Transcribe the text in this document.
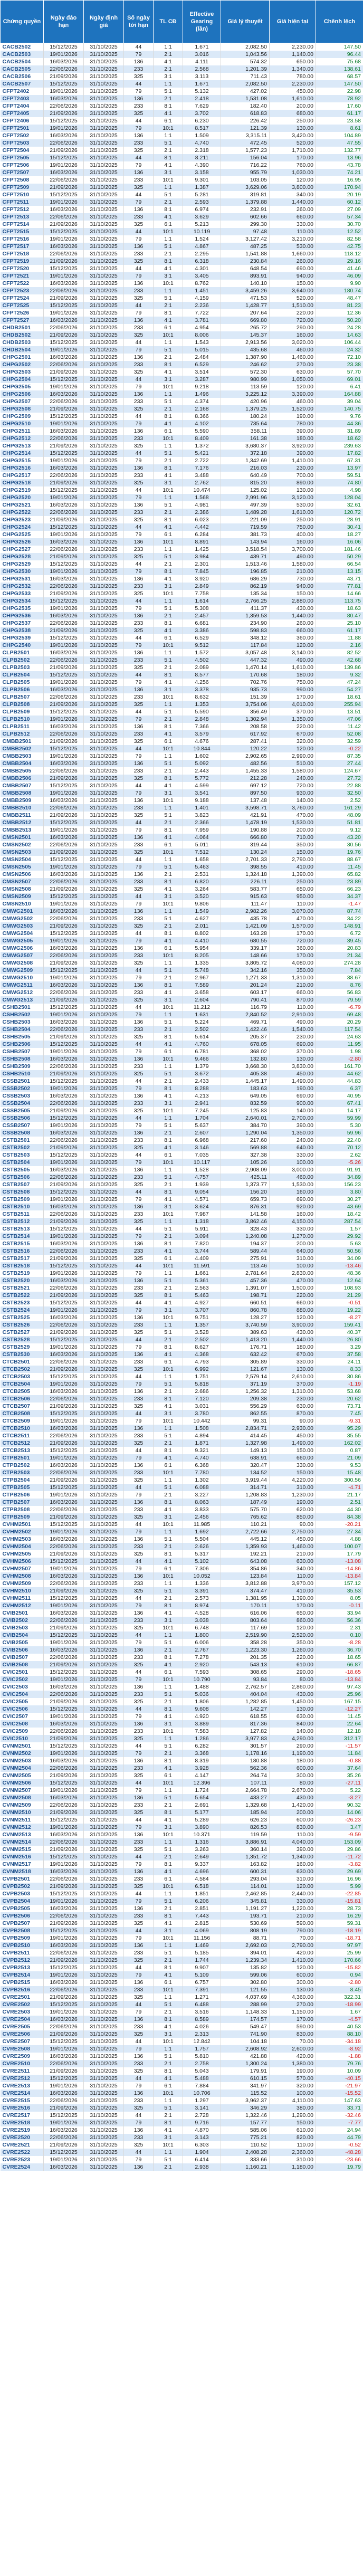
Chứng quyền	Ngày đáo hạn	Ngày định giá	Số ngày tới hạn	TL CĐ	Effective Gearing (lần)	Giá lý thuyết	Giá hiện tại	Chênh lệch
CACB2502	15/12/2025	31/10/2025	44	1:1	1.671	2,082.50	2,230.00	147.50
CACB2503	19/01/2026	31/10/2025	79	2:1	3.016	1,043.56	1,140.00	96.44
CACB2504	16/03/2026	31/10/2025	136	4:1	4.111	574.32	650.00	75.68
CACB2505	22/06/2026	31/10/2025	233	2:1	2.568	1,201.39	1,340.00	138.61
CACB2506	21/09/2026	31/10/2025	325	3:1	3.113	711.43	780.00	68.57
CACB2507	15/12/2025	31/10/2025	44	1:1	1.671	2,082.50	2,230.00	147.50
CFPT2402	19/01/2026	31/10/2025	79	5:1	5.132	427.02	450.00	22.98
CFPT2403	16/03/2026	31/10/2025	136	2:1	2.418	1,531.08	1,610.00	78.92
CFPT2404	22/06/2026	31/10/2025	233	8:1	7.629	182.40	200.00	17.60
CFPT2405	21/09/2026	31/10/2025	325	4:1	3.702	618.83	680.00	61.17
CFPT2406	15/12/2025	31/10/2025	44	6:1	6.230	226.42	250.00	23.58
CFPT2501	19/01/2026	31/10/2025	79	10:1	8.517	121.39	130.00	8.61
CFPT2502	16/03/2026	31/10/2025	136	1:1	1.509	3,315.11	3,420.00	104.89
CFPT2503	22/06/2026	31/10/2025	233	5:1	4.740	472.45	520.00	47.55
CFPT2504	21/09/2026	31/10/2025	325	2:1	2.318	1,577.23	1,710.00	132.77
CFPT2505	15/12/2025	31/10/2025	44	8:1	8.211	156.04	170.00	13.96
CFPT2506	19/01/2026	31/10/2025	79	4:1	4.390	716.22	760.00	43.78
CFPT2507	16/03/2026	31/10/2025	136	3:1	3.158	955.79	1,030.00	74.21
CFPT2508	22/06/2026	31/10/2025	233	10:1	9.301	103.05	120.00	16.95
CFPT2509	21/09/2026	31/10/2025	325	1:1	1.387	3,629.06	3,800.00	170.94
CFPT2510	15/12/2025	31/10/2025	44	5:1	5.281	319.81	340.00	20.19
CFPT2511	19/01/2026	31/10/2025	79	2:1	2.593	1,379.88	1,440.00	60.12
CFPT2512	16/03/2026	31/10/2025	136	8:1	6.974	232.91	260.00	27.09
CFPT2513	22/06/2026	31/10/2025	233	4:1	3.629	602.66	660.00	57.34
CFPT2514	21/09/2026	31/10/2025	325	6:1	5.213	299.30	330.00	30.70
CFPT2515	15/12/2025	31/10/2025	44	10:1	10.119	97.48	110.00	12.52
CFPT2516	19/01/2026	31/10/2025	79	1:1	1.524	3,127.42	3,210.00	82.58
CFPT2517	16/03/2026	31/10/2025	136	5:1	4.867	487.25	530.00	42.75
CFPT2518	22/06/2026	31/10/2025	233	2:1	2.295	1,541.88	1,660.00	118.12
CFPT2519	21/09/2026	31/10/2025	325	8:1	6.318	230.84	260.00	29.16
CFPT2520	15/12/2025	31/10/2025	44	4:1	4.301	648.54	690.00	41.46
CFPT2521	19/01/2026	31/10/2025	79	3:1	3.405	893.91	940.00	46.09
CFPT2522	16/03/2026	31/10/2025	136	10:1	8.762	140.10	150.00	9.90
CFPT2523	22/06/2026	31/10/2025	233	1:1	1.451	3,459.26	3,640.00	180.74
CFPT2524	21/09/2026	31/10/2025	325	5:1	4.159	471.53	520.00	48.47
CFPT2525	15/12/2025	31/10/2025	44	2:1	2.236	1,428.77	1,510.00	81.23
CFPT2526	19/01/2026	31/10/2025	79	8:1	7.722	207.64	220.00	12.36
CFPT2527	16/03/2026	31/10/2025	136	4:1	3.781	669.80	720.00	50.20
CHDB2501	22/06/2026	31/10/2025	233	6:1	4.954	265.72	290.00	24.28
CHDB2502	21/09/2026	31/10/2025	325	10:1	8.006	145.37	160.00	14.63
CHDB2503	15/12/2025	31/10/2025	44	1:1	1.543	2,913.56	3,020.00	106.44
CHDB2504	19/01/2026	31/10/2025	79	5:1	5.015	435.68	460.00	24.32
CHPG2501	16/03/2026	31/10/2025	136	2:1	2.484	1,387.90	1,460.00	72.10
CHPG2502	22/06/2026	31/10/2025	233	8:1	6.529	246.62	270.00	23.38
CHPG2503	21/09/2026	31/10/2025	325	4:1	3.514	572.30	630.00	57.70
CHPG2504	15/12/2025	31/10/2025	44	3:1	3.287	980.99	1,050.00	69.01
CHPG2505	19/01/2026	31/10/2025	79	10:1	9.218	113.59	120.00	6.41
CHPG2506	16/03/2026	31/10/2025	136	1:1	1.496	3,225.12	3,390.00	164.88
CHPG2507	22/06/2026	31/10/2025	233	5:1	4.374	420.96	460.00	39.04
CHPG2508	21/09/2026	31/10/2025	325	2:1	2.168	1,379.25	1,520.00	140.75
CHPG2509	15/12/2025	31/10/2025	44	8:1	8.366	180.24	190.00	9.76
CHPG2510	19/01/2026	31/10/2025	79	4:1	4.102	735.64	780.00	44.36
CHPG2511	16/03/2026	31/10/2025	136	6:1	5.590	358.11	390.00	31.89
CHPG2512	22/06/2026	31/10/2025	233	10:1	8.409	161.38	180.00	18.62
CHPG2513	21/09/2026	31/10/2025	325	1:1	1.372	3,680.37	3,920.00	239.63
CHPG2514	15/12/2025	31/10/2025	44	5:1	5.421	372.18	390.00	17.82
CHPG2515	19/01/2026	31/10/2025	79	2:1	2.722	1,342.69	1,410.00	67.31
CHPG2516	16/03/2026	31/10/2025	136	8:1	7.176	216.03	230.00	13.97
CHPG2517	22/06/2026	31/10/2025	233	4:1	3.488	640.49	700.00	59.51
CHPG2518	21/09/2026	31/10/2025	325	3:1	2.762	815.20	890.00	74.80
CHPG2519	15/12/2025	31/10/2025	44	10:1	10.474	125.02	130.00	4.98
CHPG2520	19/01/2026	31/10/2025	79	1:1	1.568	2,991.96	3,120.00	128.04
CHPG2521	16/03/2026	31/10/2025	136	5:1	4.981	497.39	530.00	32.61
CHPG2522	22/06/2026	31/10/2025	233	2:1	2.386	1,489.28	1,610.00	120.72
CHPG2523	21/09/2026	31/10/2025	325	8:1	6.023	221.09	250.00	28.91
CHPG2524	15/12/2025	31/10/2025	44	4:1	4.442	719.59	750.00	30.41
CHPG2525	19/01/2026	31/10/2025	79	6:1	6.284	381.73	400.00	18.27
CHPG2526	16/03/2026	31/10/2025	136	10:1	8.891	143.94	160.00	16.06
CHPG2527	22/06/2026	31/10/2025	233	1:1	1.425	3,518.54	3,700.00	181.46
CHPG2528	21/09/2026	31/10/2025	325	5:1	3.984	439.71	490.00	50.29
CHPG2529	15/12/2025	31/10/2025	44	2:1	2.301	1,513.46	1,580.00	66.54
CHPG2530	19/01/2026	31/10/2025	79	8:1	7.845	196.85	210.00	13.15
CHPG2531	16/03/2026	31/10/2025	136	4:1	3.920	686.29	730.00	43.71
CHPG2532	22/06/2026	31/10/2025	233	3:1	2.849	862.19	940.00	77.81
CHPG2533	21/09/2026	31/10/2025	325	10:1	7.758	135.34	150.00	14.66
CHPG2534	15/12/2025	31/10/2025	44	1:1	1.614	2,766.25	2,880.00	113.75
CHPG2535	19/01/2026	31/10/2025	79	5:1	5.308	411.37	430.00	18.63
CHPG2536	16/03/2026	31/10/2025	136	2:1	2.457	1,359.53	1,440.00	80.47
CHPG2537	22/06/2026	31/10/2025	233	8:1	6.681	234.90	260.00	25.10
CHPG2538	21/09/2026	31/10/2025	325	4:1	3.386	598.83	660.00	61.17
CHPG2539	15/12/2025	31/10/2025	44	6:1	6.529	348.12	360.00	11.88
CHPG2540	19/01/2026	31/10/2025	79	10:1	9.512	117.84	120.00	2.16
CLPB2501	16/03/2026	31/10/2025	136	1:1	1.572	3,057.48	3,140.00	82.52
CLPB2502	22/06/2026	31/10/2025	233	5:1	4.502	447.32	490.00	42.68
CLPB2503	21/09/2026	31/10/2025	325	2:1	2.089	1,470.14	1,610.00	139.86
CLPB2504	15/12/2025	31/10/2025	44	8:1	8.577	170.68	180.00	9.32
CLPB2505	19/01/2026	31/10/2025	79	4:1	4.256	702.76	750.00	47.24
CLPB2506	16/03/2026	31/10/2025	136	3:1	3.378	935.73	990.00	54.27
CLPB2507	22/06/2026	31/10/2025	233	10:1	8.632	151.39	170.00	18.61
CLPB2508	21/09/2026	31/10/2025	325	1:1	1.353	3,754.06	4,010.00	255.94
CLPB2509	15/12/2025	31/10/2025	44	5:1	5.590	356.49	370.00	13.51
CLPB2510	19/01/2026	31/10/2025	79	2:1	2.848	1,302.94	1,350.00	47.06
CLPB2511	16/03/2026	31/10/2025	136	8:1	7.366	208.58	220.00	11.42
CLPB2512	22/06/2026	31/10/2025	233	4:1	3.579	617.92	670.00	52.08
CMBB2501	21/09/2026	31/10/2025	325	6:1	4.676	287.41	320.00	32.59
CMBB2502	15/12/2025	31/10/2025	44	10:1	10.844	120.22	120.00	-0.22
CMBB2503	19/01/2026	31/10/2025	79	1:1	1.602	2,902.65	2,990.00	87.35
CMBB2504	16/03/2026	31/10/2025	136	5:1	5.092	482.56	510.00	27.44
CMBB2505	22/06/2026	31/10/2025	233	2:1	2.443	1,455.33	1,580.00	124.67
CMBB2506	21/09/2026	31/10/2025	325	8:1	5.772	212.28	240.00	27.72
CMBB2507	15/12/2025	31/10/2025	44	4:1	4.599	697.12	720.00	22.88
CMBB2508	19/01/2026	31/10/2025	79	3:1	3.541	897.50	930.00	32.50
CMBB2509	16/03/2026	31/10/2025	136	10:1	9.188	137.48	140.00	2.52
CMBB2510	22/06/2026	31/10/2025	233	1:1	1.401	3,598.71	3,760.00	161.29
CMBB2511	21/09/2026	31/10/2025	325	5:1	3.823	421.91	470.00	48.09
CMBB2512	15/12/2025	31/10/2025	44	2:1	2.366	1,478.19	1,530.00	51.81
CMBB2513	19/01/2026	31/10/2025	79	8:1	7.959	190.88	200.00	9.12
CMSN2501	16/03/2026	31/10/2025	136	4:1	4.064	666.80	710.00	43.20
CMSN2502	22/06/2026	31/10/2025	233	6:1	5.011	319.44	350.00	30.56
CMSN2503	21/09/2026	31/10/2025	325	10:1	7.512	130.24	150.00	19.76
CMSN2504	15/12/2025	31/10/2025	44	1:1	1.658	2,701.33	2,790.00	88.67
CMSN2505	19/01/2026	31/10/2025	79	5:1	5.463	398.55	410.00	11.45
CMSN2506	16/03/2026	31/10/2025	136	2:1	2.531	1,324.18	1,390.00	65.82
CMSN2507	22/06/2026	31/10/2025	233	8:1	6.820	226.11	250.00	23.89
CMSN2508	21/09/2026	31/10/2025	325	4:1	3.264	583.77	650.00	66.23
CMSN2509	15/12/2025	31/10/2025	44	3:1	3.520	915.63	950.00	34.37
CMSN2510	19/01/2026	31/10/2025	79	10:1	9.806	111.47	110.00	-1.47
CMWG2501	16/03/2026	31/10/2025	136	1:1	1.549	2,982.26	3,070.00	87.74
CMWG2502	22/06/2026	31/10/2025	233	5:1	4.627	435.78	470.00	34.22
CMWG2503	21/09/2026	31/10/2025	325	2:1	2.011	1,421.09	1,570.00	148.91
CMWG2504	15/12/2025	31/10/2025	44	8:1	8.802	163.28	170.00	6.72
CMWG2505	19/01/2026	31/10/2025	79	4:1	4.410	680.55	720.00	39.45
CMWG2506	16/03/2026	31/10/2025	136	6:1	5.954	339.17	360.00	20.83
CMWG2507	22/06/2026	31/10/2025	233	10:1	8.205	148.66	170.00	21.34
CMWG2508	21/09/2026	31/10/2025	325	1:1	1.335	3,805.72	4,080.00	274.28
CMWG2509	15/12/2025	31/10/2025	44	5:1	5.748	342.16	350.00	7.84
CMWG2510	19/01/2026	31/10/2025	79	2:1	2.967	1,271.33	1,310.00	38.67
CMWG2511	16/03/2026	31/10/2025	136	8:1	7.589	201.24	210.00	8.76
CMWG2512	22/06/2026	31/10/2025	233	4:1	3.658	603.17	660.00	56.83
CMWG2513	21/09/2026	31/10/2025	325	3:1	2.604	790.41	870.00	79.59
CSHB2501	15/12/2025	31/10/2025	44	10:1	11.212	116.79	110.00	-6.79
CSHB2502	19/01/2026	31/10/2025	79	1:1	1.631	2,840.52	2,910.00	69.48
CSHB2503	16/03/2026	31/10/2025	136	5:1	5.224	469.71	490.00	20.29
CSHB2504	22/06/2026	31/10/2025	233	2:1	2.502	1,422.46	1,540.00	117.54
CSHB2505	21/09/2026	31/10/2025	325	8:1	5.614	205.37	230.00	24.63
CSHB2506	15/12/2025	31/10/2025	44	4:1	4.760	678.05	690.00	11.95
CSHB2507	19/01/2026	31/10/2025	79	6:1	6.781	368.02	370.00	1.98
CSHB2508	16/03/2026	31/10/2025	136	10:1	9.466	132.80	130.00	-2.80
CSHB2509	22/06/2026	31/10/2025	233	1:1	1.379	3,668.30	3,830.00	161.70
CSHB2510	21/09/2026	31/10/2025	325	5:1	3.672	405.38	450.00	44.62
CSSB2501	15/12/2025	31/10/2025	44	2:1	2.433	1,445.17	1,490.00	44.83
CSSB2502	19/01/2026	31/10/2025	79	8:1	8.288	183.63	190.00	6.37
CSSB2503	16/03/2026	31/10/2025	136	4:1	4.213	649.05	690.00	40.95
CSSB2504	22/06/2026	31/10/2025	233	3:1	2.941	832.59	900.00	67.41
CSSB2505	21/09/2026	31/10/2025	325	10:1	7.245	125.83	140.00	14.17
CSSB2506	15/12/2025	31/10/2025	44	1:1	1.704	2,640.01	2,700.00	59.99
CSSB2507	19/01/2026	31/10/2025	79	5:1	5.637	384.70	390.00	5.30
CSSB2508	16/03/2026	31/10/2025	136	2:1	2.607	1,290.04	1,350.00	59.96
CSTB2501	22/06/2026	31/10/2025	233	8:1	6.968	217.60	240.00	22.40
CSTB2502	21/09/2026	31/10/2025	325	4:1	3.146	569.88	640.00	70.12
CSTB2503	15/12/2025	31/10/2025	44	6:1	7.035	327.38	330.00	2.62
CSTB2504	19/01/2026	31/10/2025	79	10:1	10.117	105.26	100.00	-5.26
CSTB2505	16/03/2026	31/10/2025	136	1:1	1.528	2,908.09	3,000.00	91.91
CSTB2506	22/06/2026	31/10/2025	233	5:1	4.757	425.11	460.00	34.89
CSTB2507	21/09/2026	31/10/2025	325	2:1	1.939	1,373.77	1,530.00	156.23
CSTB2508	15/12/2025	31/10/2025	44	8:1	9.054	156.20	160.00	3.80
CSTB2509	19/01/2026	31/10/2025	79	4:1	4.571	659.73	690.00	30.27
CSTB2510	16/03/2026	31/10/2025	136	3:1	3.624	876.31	920.00	43.69
CSTB2511	22/06/2026	31/10/2025	233	10:1	7.987	141.58	160.00	18.42
CSTB2512	21/09/2026	31/10/2025	325	1:1	1.318	3,862.46	4,150.00	287.54
CSTB2513	15/12/2025	31/10/2025	44	5:1	5.911	328.43	330.00	1.57
CSTB2514	19/01/2026	31/10/2025	79	2:1	3.094	1,240.08	1,270.00	29.92
CSTB2515	16/03/2026	31/10/2025	136	8:1	7.820	194.37	200.00	5.63
CSTB2516	22/06/2026	31/10/2025	233	4:1	3.744	589.44	640.00	50.56
CSTB2517	21/09/2026	31/10/2025	325	6:1	4.409	275.91	310.00	34.09
CSTB2518	15/12/2025	31/10/2025	44	10:1	11.591	113.46	100.00	-13.46
CSTB2519	19/01/2026	31/10/2025	79	1:1	1.661	2,781.64	2,830.00	48.36
CSTB2520	16/03/2026	31/10/2025	136	5:1	5.361	457.36	470.00	12.64
CSTB2521	22/06/2026	31/10/2025	233	2:1	2.563	1,391.07	1,500.00	108.93
CSTB2522	21/09/2026	31/10/2025	325	8:1	5.463	198.71	220.00	21.29
CSTB2523	15/12/2025	31/10/2025	44	4:1	4.927	660.51	660.00	-0.51
CSTB2524	19/01/2026	31/10/2025	79	3:1	3.707	860.78	880.00	19.22
CSTB2525	16/03/2026	31/10/2025	136	10:1	9.751	128.27	120.00	-8.27
CSTB2526	22/06/2026	31/10/2025	233	1:1	1.357	3,740.59	3,900.00	159.41
CSTB2527	21/09/2026	31/10/2025	325	5:1	3.528	389.63	430.00	40.37
CSTB2528	15/12/2025	31/10/2025	44	2:1	2.502	1,413.20	1,440.00	26.80
CSTB2529	19/01/2026	31/10/2025	79	8:1	8.627	176.71	180.00	3.29
CSTB2530	16/03/2026	31/10/2025	136	4:1	4.368	632.42	670.00	37.58
CTCB2501	22/06/2026	31/10/2025	233	6:1	4.793	305.89	330.00	24.11
CTCB2502	21/09/2026	31/10/2025	325	10:1	6.992	121.67	130.00	8.33
CTCB2503	15/12/2025	31/10/2025	44	1:1	1.751	2,579.14	2,610.00	30.86
CTCB2504	19/01/2026	31/10/2025	79	5:1	5.818	371.19	370.00	-1.19
CTCB2505	16/03/2026	31/10/2025	136	2:1	2.686	1,256.32	1,310.00	53.68
CTCB2506	22/06/2026	31/10/2025	233	8:1	7.120	209.38	230.00	20.62
CTCB2507	21/09/2026	31/10/2025	325	4:1	3.031	556.29	630.00	73.71
CTCB2508	15/12/2025	31/10/2025	44	3:1	3.780	862.55	870.00	7.45
CTCB2509	19/01/2026	31/10/2025	79	10:1	10.442	99.31	90.00	-9.31
CTCB2510	16/03/2026	31/10/2025	136	1:1	1.508	2,834.71	2,930.00	95.29
CTCB2511	22/06/2026	31/10/2025	233	5:1	4.894	414.45	450.00	35.55
CTCB2512	21/09/2026	31/10/2025	325	2:1	1.871	1,327.98	1,490.00	162.02
CTCB2513	15/12/2025	31/10/2025	44	8:1	9.321	149.13	150.00	0.87
CTPB2501	19/01/2026	31/10/2025	79	4:1	4.740	638.91	660.00	21.09
CTPB2502	16/03/2026	31/10/2025	136	6:1	6.368	320.47	330.00	9.53
CTPB2503	22/06/2026	31/10/2025	233	10:1	7.780	134.52	150.00	15.48
CTPB2504	21/09/2026	31/10/2025	325	1:1	1.302	3,919.44	4,220.00	300.56
CTPB2505	15/12/2025	31/10/2025	44	5:1	6.088	314.71	310.00	-4.71
CTPB2506	19/01/2026	31/10/2025	79	2:1	3.227	1,208.83	1,230.00	21.17
CTPB2507	16/03/2026	31/10/2025	136	8:1	8.063	187.49	190.00	2.51
CTPB2508	22/06/2026	31/10/2025	233	4:1	3.833	575.70	620.00	44.30
CTPB2509	21/09/2026	31/10/2025	325	3:1	2.456	765.62	850.00	84.38
CVHM2501	15/12/2025	31/10/2025	44	10:1	11.985	110.21	90.00	-20.21
CVHM2502	19/01/2026	31/10/2025	79	1:1	1.692	2,722.66	2,750.00	27.34
CVHM2503	16/03/2026	31/10/2025	136	5:1	5.504	445.12	450.00	4.88
CVHM2504	22/06/2026	31/10/2025	233	2:1	2.626	1,359.93	1,460.00	100.07
CVHM2505	21/09/2026	31/10/2025	325	8:1	5.317	192.21	210.00	17.79
CVHM2506	15/12/2025	31/10/2025	44	4:1	5.102	643.08	630.00	-13.08
CVHM2507	19/01/2026	31/10/2025	79	6:1	7.306	354.86	340.00	-14.86
CVHM2508	16/03/2026	31/10/2025	136	10:1	10.052	123.84	110.00	-13.84
CVHM2509	22/06/2026	31/10/2025	233	1:1	1.336	3,812.88	3,970.00	157.12
CVHM2510	21/09/2026	31/10/2025	325	5:1	3.391	374.47	410.00	35.53
CVHM2511	15/12/2025	31/10/2025	44	2:1	2.573	1,381.95	1,390.00	8.05
CVHM2512	19/01/2026	31/10/2025	79	8:1	8.974	170.11	170.00	-0.11
CVIB2501	16/03/2026	31/10/2025	136	4:1	4.528	616.06	650.00	33.94
CVIB2502	22/06/2026	31/10/2025	233	3:1	3.038	803.64	860.00	56.36
CVIB2503	21/09/2026	31/10/2025	325	10:1	6.748	117.69	120.00	2.31
CVIB2504	15/12/2025	31/10/2025	44	1:1	1.800	2,519.90	2,520.00	0.10
CVIB2505	19/01/2026	31/10/2025	79	5:1	6.006	358.28	350.00	-8.28
CVIB2506	16/03/2026	31/10/2025	136	2:1	2.767	1,223.30	1,260.00	36.70
CVIB2507	22/06/2026	31/10/2025	233	8:1	7.278	201.35	220.00	18.65
CVIB2508	21/09/2026	31/10/2025	325	4:1	2.920	543.13	610.00	66.87
CVIC2501	15/12/2025	31/10/2025	44	6:1	7.593	308.65	290.00	-18.65
CVIC2502	19/01/2026	31/10/2025	79	10:1	10.790	93.84	80.00	-13.84
CVIC2503	16/03/2026	31/10/2025	136	1:1	1.488	2,762.57	2,860.00	97.43
CVIC2504	22/06/2026	31/10/2025	233	5:1	5.036	404.04	430.00	25.96
CVIC2505	21/09/2026	31/10/2025	325	2:1	1.806	1,282.85	1,450.00	167.15
CVIC2506	15/12/2025	31/10/2025	44	8:1	9.608	142.27	130.00	-12.27
CVIC2507	19/01/2026	31/10/2025	79	4:1	4.920	618.55	630.00	11.45
CVIC2508	16/03/2026	31/10/2025	136	3:1	3.889	817.36	840.00	22.64
CVIC2509	22/06/2026	31/10/2025	233	10:1	7.583	127.82	140.00	12.18
CVIC2510	21/09/2026	31/10/2025	325	1:1	1.286	3,977.83	4,290.00	312.17
CVNM2501	15/12/2025	31/10/2025	44	5:1	6.282	301.57	290.00	-11.57
CVNM2502	19/01/2026	31/10/2025	79	2:1	3.368	1,178.16	1,190.00	11.84
CVNM2503	16/03/2026	31/10/2025	136	8:1	8.319	180.88	180.00	-0.88
CVNM2504	22/06/2026	31/10/2025	233	4:1	3.928	562.36	600.00	37.64
CVNM2505	21/09/2026	31/10/2025	325	6:1	4.147	264.74	300.00	35.26
CVNM2506	15/12/2025	31/10/2025	44	10:1	12.396	107.11	80.00	-27.11
CVNM2507	19/01/2026	31/10/2025	79	1:1	1.724	2,664.78	2,670.00	5.22
CVNM2508	16/03/2026	31/10/2025	136	5:1	5.654	433.27	430.00	-3.27
CVNM2509	22/06/2026	31/10/2025	233	2:1	2.691	1,329.68	1,420.00	90.32
CVNM2510	21/09/2026	31/10/2025	325	8:1	5.177	185.94	200.00	14.06
CVNM2511	15/12/2025	31/10/2025	44	4:1	5.289	626.23	600.00	-26.23
CVNM2512	19/01/2026	31/10/2025	79	3:1	3.890	826.53	830.00	3.47
CVNM2513	16/03/2026	31/10/2025	136	10:1	10.371	119.59	110.00	-9.59
CVNM2514	22/06/2026	31/10/2025	233	1:1	1.316	3,886.91	4,040.00	153.09
CVNM2515	21/09/2026	31/10/2025	325	5:1	3.263	360.14	390.00	29.86
CVNM2516	15/12/2025	31/10/2025	44	2:1	2.649	1,351.72	1,340.00	-11.72
CVNM2517	19/01/2026	31/10/2025	79	8:1	9.337	163.82	160.00	-3.82
CVNM2518	16/03/2026	31/10/2025	136	4:1	4.696	600.31	630.00	29.69
CVPB2501	22/06/2026	31/10/2025	233	6:1	4.584	293.04	310.00	16.96
CVPB2502	21/09/2026	31/10/2025	325	10:1	6.518	114.01	120.00	5.99
CVPB2503	15/12/2025	31/10/2025	44	1:1	1.851	2,462.85	2,440.00	-22.85
CVPB2504	19/01/2026	31/10/2025	79	5:1	6.206	345.81	330.00	-15.81
CVPB2505	16/03/2026	31/10/2025	136	2:1	2.851	1,191.27	1,220.00	28.73
CVPB2506	22/06/2026	31/10/2025	233	8:1	7.443	193.71	210.00	16.29
CVPB2507	21/09/2026	31/10/2025	325	4:1	2.815	530.69	590.00	59.31
CVPB2508	15/12/2025	31/10/2025	44	3:1	4.069	808.19	790.00	-18.19
CVPB2509	19/01/2026	31/10/2025	79	10:1	11.156	88.71	70.00	-18.71
CVPB2510	16/03/2026	31/10/2025	136	1:1	1.469	2,692.03	2,790.00	97.97
CVPB2511	22/06/2026	31/10/2025	233	5:1	5.185	394.01	420.00	25.99
CVPB2512	21/09/2026	31/10/2025	325	2:1	1.744	1,239.34	1,410.00	170.66
CVPB2513	15/12/2025	31/10/2025	44	8:1	9.907	135.82	120.00	-15.82
CVPB2514	19/01/2026	31/10/2025	79	4:1	5.109	599.06	600.00	0.94
CVPB2515	16/03/2026	31/10/2025	136	6:1	6.757	302.80	300.00	-2.80
CVPB2516	22/06/2026	31/10/2025	233	10:1	7.391	121.55	130.00	8.45
CVRE2501	21/09/2026	31/10/2025	325	1:1	1.271	4,037.69	4,360.00	322.31
CVRE2502	15/12/2025	31/10/2025	44	5:1	6.488	288.99	270.00	-18.99
CVRE2503	19/01/2026	31/10/2025	79	2:1	3.516	1,148.33	1,150.00	1.67
CVRE2504	16/03/2026	31/10/2025	136	8:1	8.589	174.57	170.00	-4.57
CVRE2505	22/06/2026	31/10/2025	233	4:1	4.026	549.47	590.00	40.53
CVRE2506	21/09/2026	31/10/2025	325	3:1	2.313	741.90	830.00	88.10
CVRE2507	15/12/2025	31/10/2025	44	10:1	12.842	104.18	70.00	-34.18
CVRE2508	19/01/2026	31/10/2025	79	1:1	1.757	2,608.92	2,600.00	-8.92
CVRE2509	16/03/2026	31/10/2025	136	5:1	5.810	421.88	420.00	-1.88
CVRE2510	22/06/2026	31/10/2025	233	2:1	2.758	1,300.24	1,380.00	79.76
CVRE2511	21/09/2026	31/10/2025	325	8:1	5.043	179.91	190.00	10.09
CVRE2512	15/12/2025	31/10/2025	44	4:1	5.488	610.15	570.00	-40.15
CVRE2513	19/01/2026	31/10/2025	79	6:1	7.884	341.97	320.00	-21.97
CVRE2514	16/03/2026	31/10/2025	136	10:1	10.706	115.52	100.00	-15.52
CVRE2515	22/06/2026	31/10/2025	233	1:1	1.297	3,962.37	4,110.00	147.63
CVRE2516	21/09/2026	31/10/2025	325	5:1	3.141	346.29	380.00	33.71
CVRE2517	15/12/2025	31/10/2025	44	2:1	2.728	1,322.46	1,290.00	-32.46
CVRE2518	19/01/2026	31/10/2025	79	8:1	9.716	157.77	150.00	-7.77
CVRE2519	16/03/2026	31/10/2025	136	4:1	4.870	585.06	610.00	24.94
CVRE2520	22/06/2026	31/10/2025	233	3:1	3.143	775.21	820.00	44.79
CVRE2521	21/09/2026	31/10/2025	325	10:1	6.303	110.52	110.00	-0.52
CVRE2522	15/12/2025	31/10/2025	44	1:1	1.904	2,408.28	2,360.00	-48.28
CVRE2523	19/01/2026	31/10/2025	79	5:1	6.414	333.66	310.00	-23.66
CVRE2524	16/03/2026	31/10/2025	136	2:1	2.938	1,160.21	1,180.00	19.79
